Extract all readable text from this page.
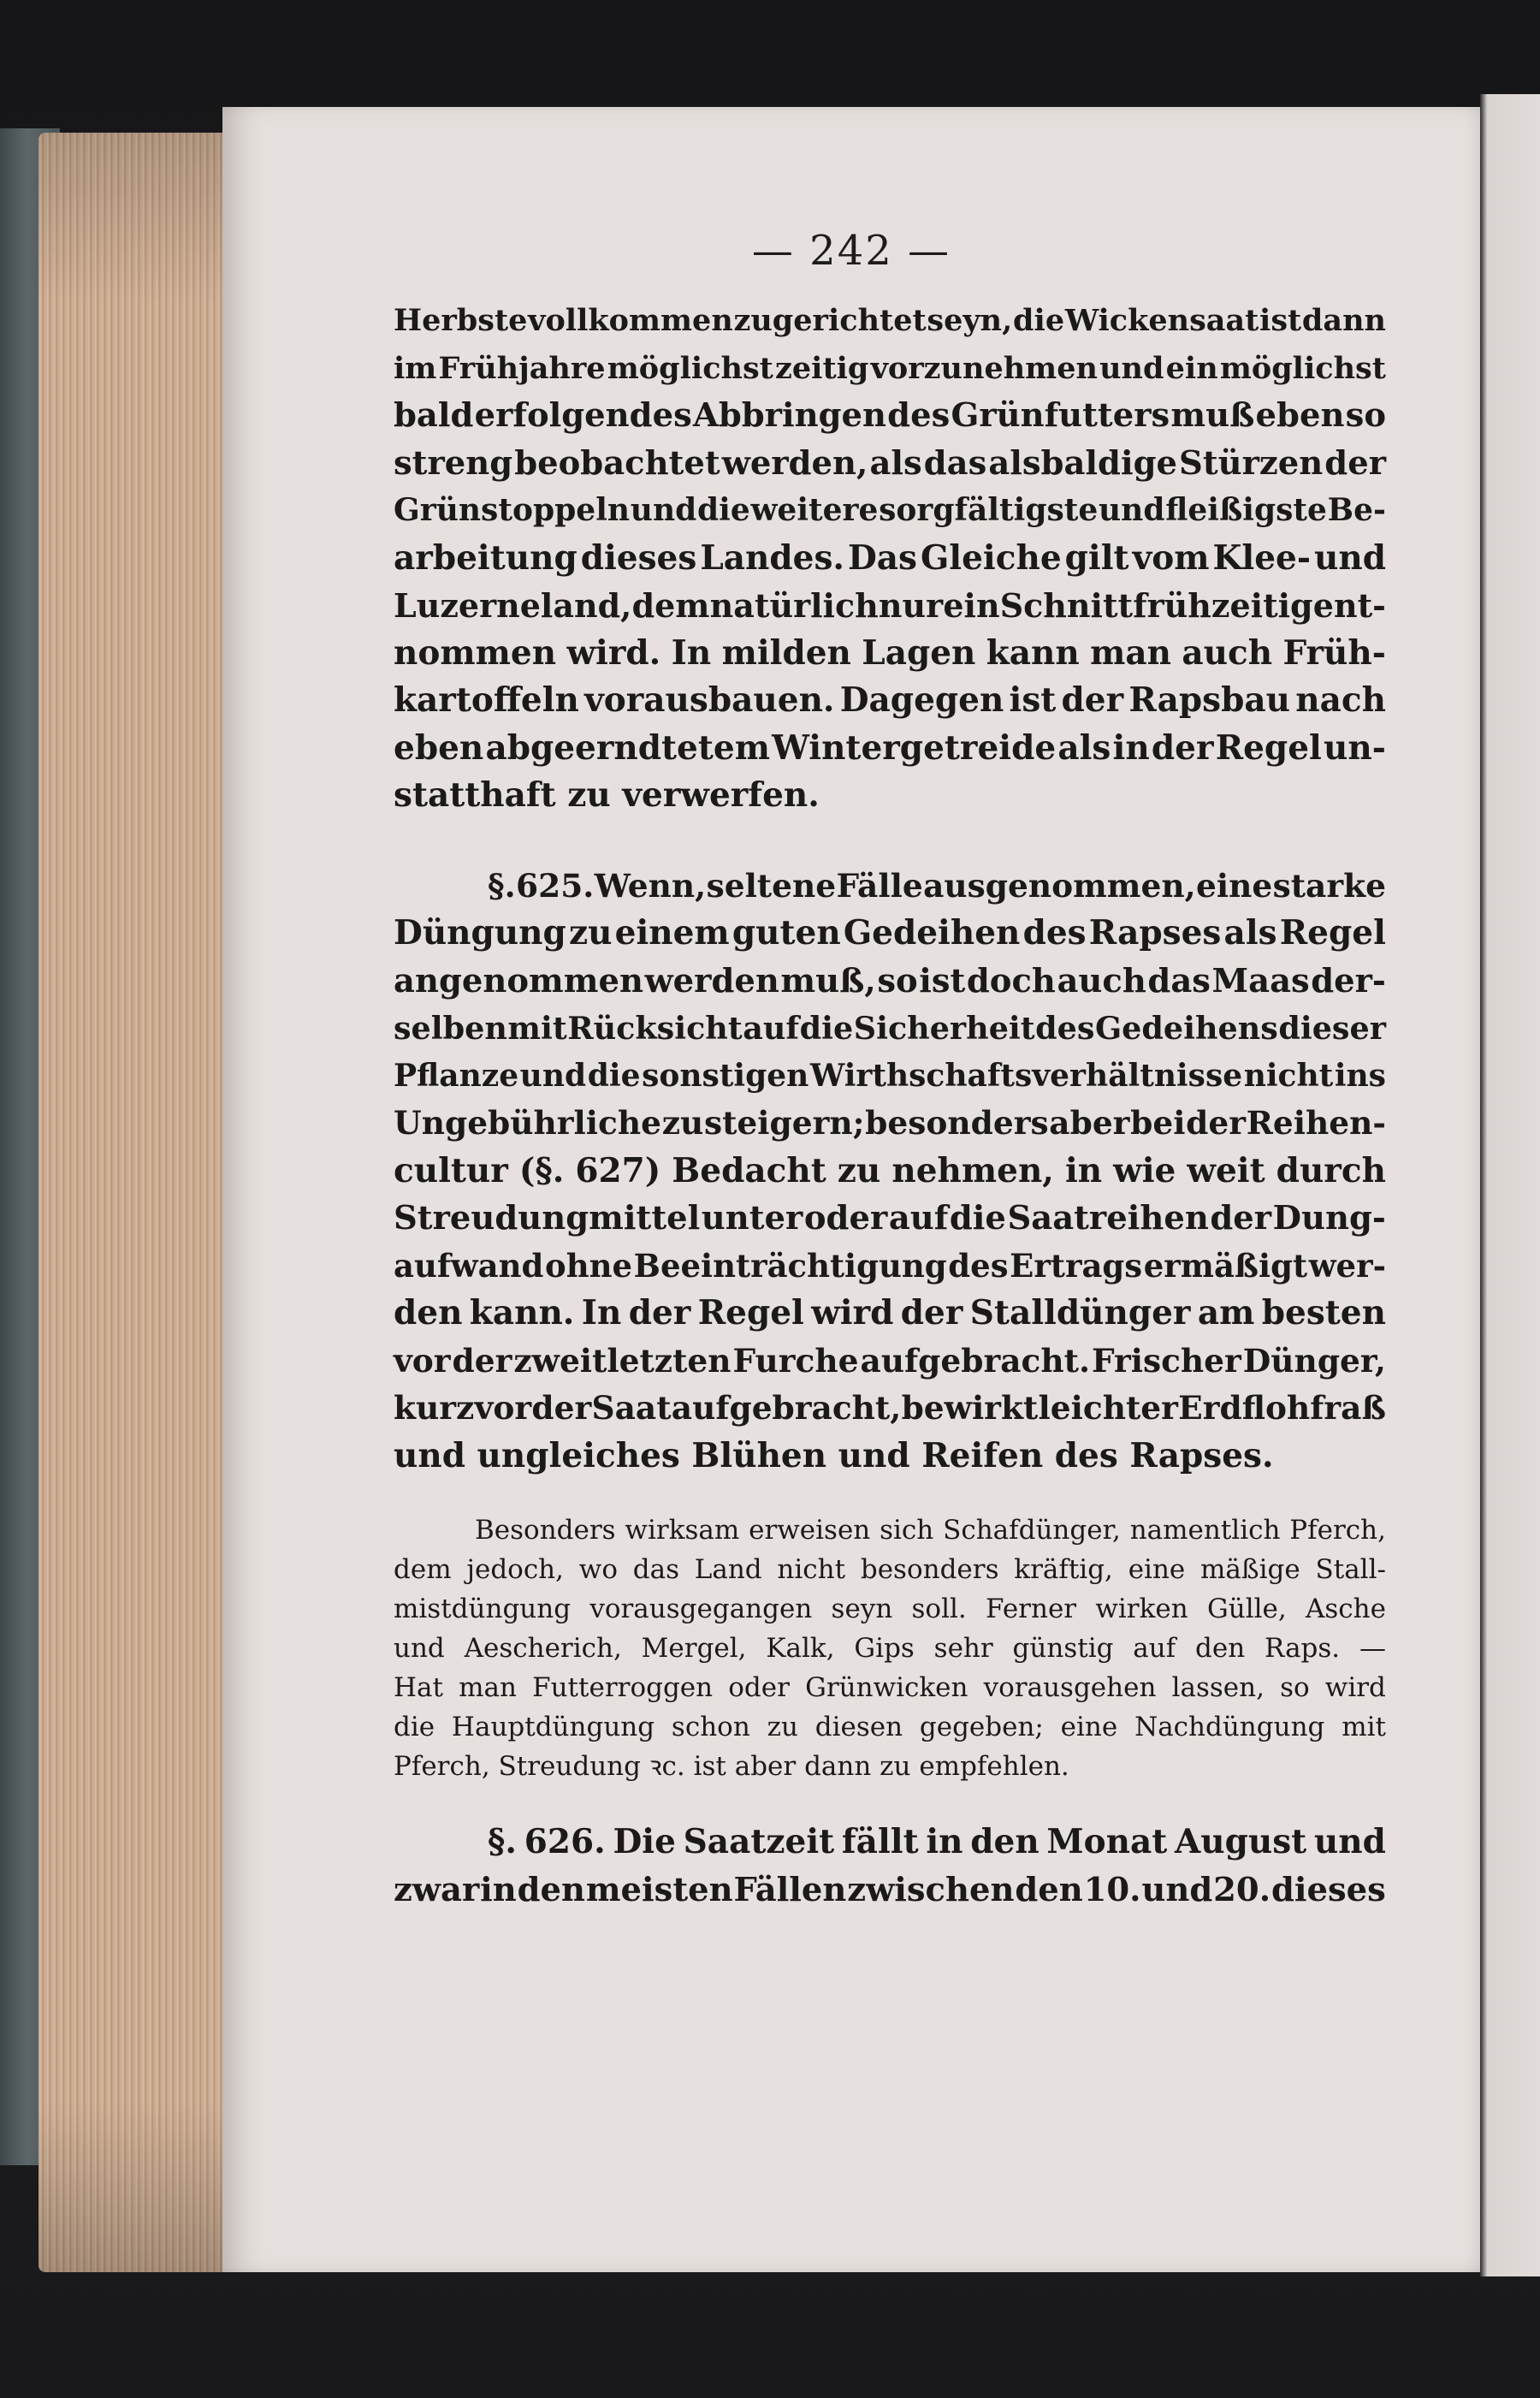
— 242 —
Herbste vollkommen zugerichtet seyn, die Wickensaat ist dann
im Frühjahre möglichst zeitig vorzunehmen und ein möglichst
bald erfolgendes Abbringen des Grünfutters muß eben so
streng beobachtet werden, als das alsbaldige Stürzen der
Grünstoppeln und die weitere sorgfältigste und fleißigste Be-
arbeitung dieses Landes. Das Gleiche gilt vom Klee- und
Luzerneland, dem natürlich nur ein Schnitt frühzeitig ent-
nommen wird. In milden Lagen kann man auch Früh-
kartoffeln vorausbauen. Dagegen ist der Rapsbau nach
eben abgeerndtetem Wintergetreide als in der Regel un-
statthaft zu verwerfen.
§. 625. Wenn, seltene Fälle ausgenommen, eine starke
Düngung zu einem guten Gedeihen des Rapses als Regel
angenommen werden muß, so ist doch auch das Maas der-
selben mit Rücksicht auf die Sicherheit des Gedeihens dieser
Pflanze und die sonstigen Wirthschaftsverhältnisse nicht ins
Ungebührliche zu steigern; besonders aber bei der Reihen-
cultur (§. 627) Bedacht zu nehmen, in wie weit durch
Streudungmittel unter oder auf die Saatreihen der Dung-
aufwand ohne Beeinträchtigung des Ertrags ermäßigt wer-
den kann. In der Regel wird der Stalldünger am besten
vor der zweitletzten Furche aufgebracht. Frischer Dünger,
kurz vor der Saat aufgebracht, bewirkt leichter Erdflohfraß
und ungleiches Blühen und Reifen des Rapses.
Besonders wirksam erweisen sich Schafdünger, namentlich Pferch,
dem jedoch, wo das Land nicht besonders kräftig, eine mäßige Stall-
mistdüngung vorausgegangen seyn soll. Ferner wirken Gülle, Asche
und Aescherich, Mergel, Kalk, Gips sehr günstig auf den Raps. —
Hat man Futterroggen oder Grünwicken vorausgehen lassen, so wird
die Hauptdüngung schon zu diesen gegeben; eine Nachdüngung mit
Pferch, Streudung ꝛc. ist aber dann zu empfehlen.
§. 626. Die Saatzeit fällt in den Monat August und
zwar in den meisten Fällen zwischen den 10. und 20. dieses
